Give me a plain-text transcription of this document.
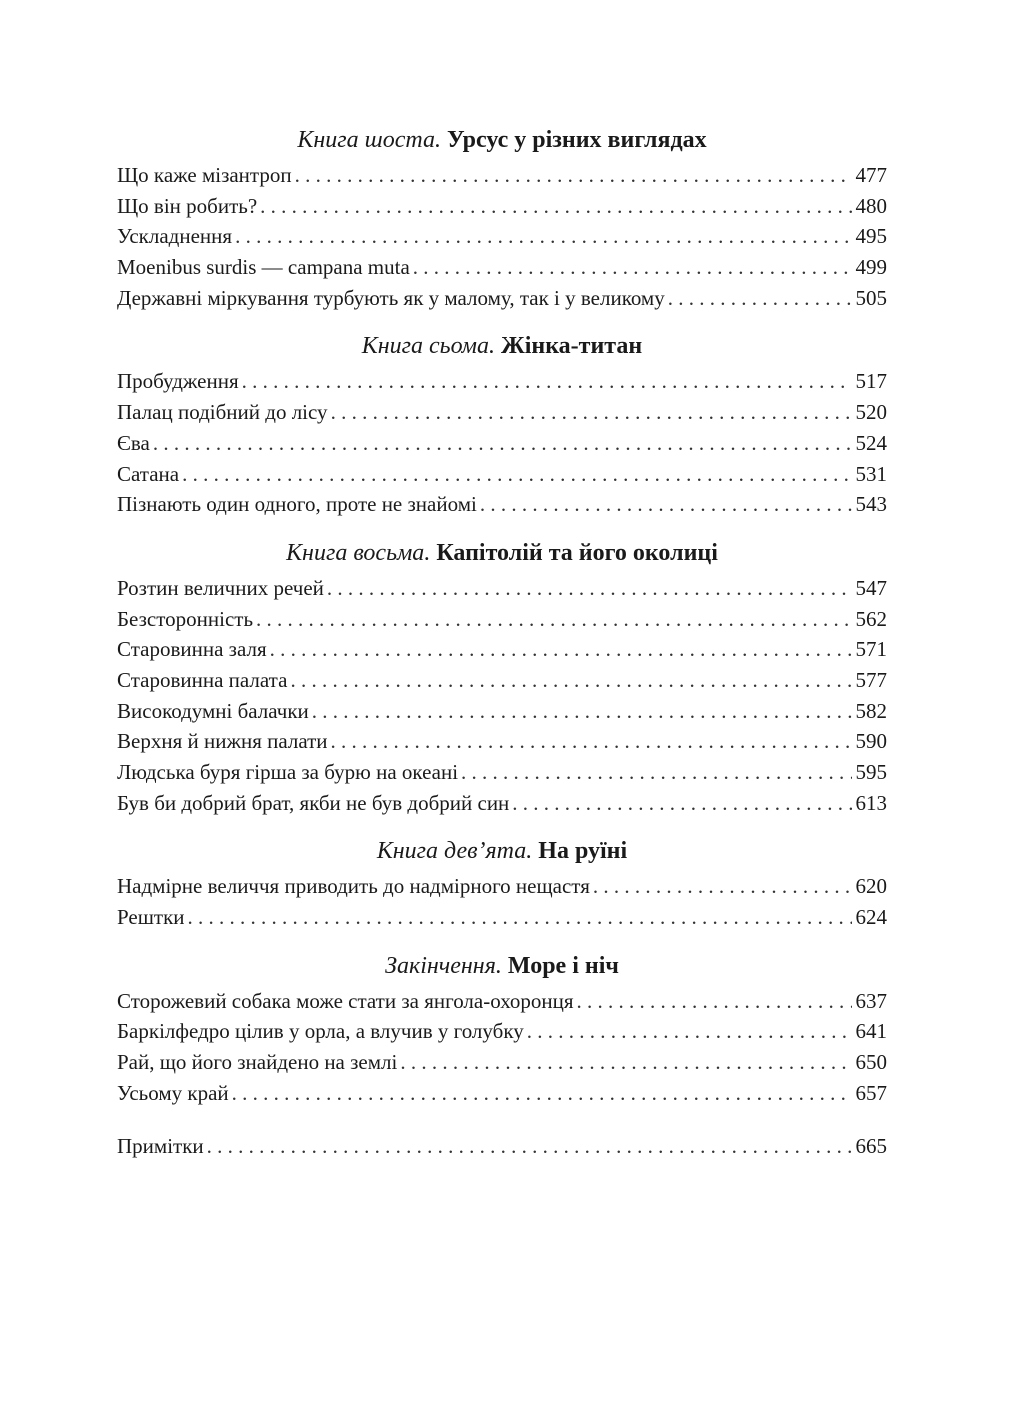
Книга шоста. Урсус у різних виглядах
Що каже мізантроп . . .	477
Що він робить? . . .	480
Ускладнення . . .	495
Moenibus surdis — campana muta . . .	499
Державні міркування турбують як у малому, так і у великому . . .	505
Книга сьома. Жінка-титан
Пробудження . . .	517
Палац подібний до лісу . . .	520
Єва . . .	524
Сатана . . .	531
Пізнають один одного, проте не знайомі . . .	543
Книга восьма. Капітолій та його околиці
Розтин величних речей . . .	547
Безсторонність . . .	562
Старовинна заля . . .	571
Старовинна палата . . .	577
Високодумні балачки . . .	582
Верхня й нижня палати . . .	590
Людська буря гірша за бурю на океані . . .	595
Був би добрий брат, якби не був добрий син . . .	613
Книга дев’ята. На руїні
Надмірне величчя приводить до надмірного нещастя . . .	620
Рештки . . .	624
Закінчення. Море і ніч
Сторожевий собака може стати за янгола-охоронця . . .	637
Баркілфедро цілив у орла, а влучив у голубку . . .	641
Рай, що його знайдено на землі . . .	650
Усьому край . . .	657
Примітки . . .	665
